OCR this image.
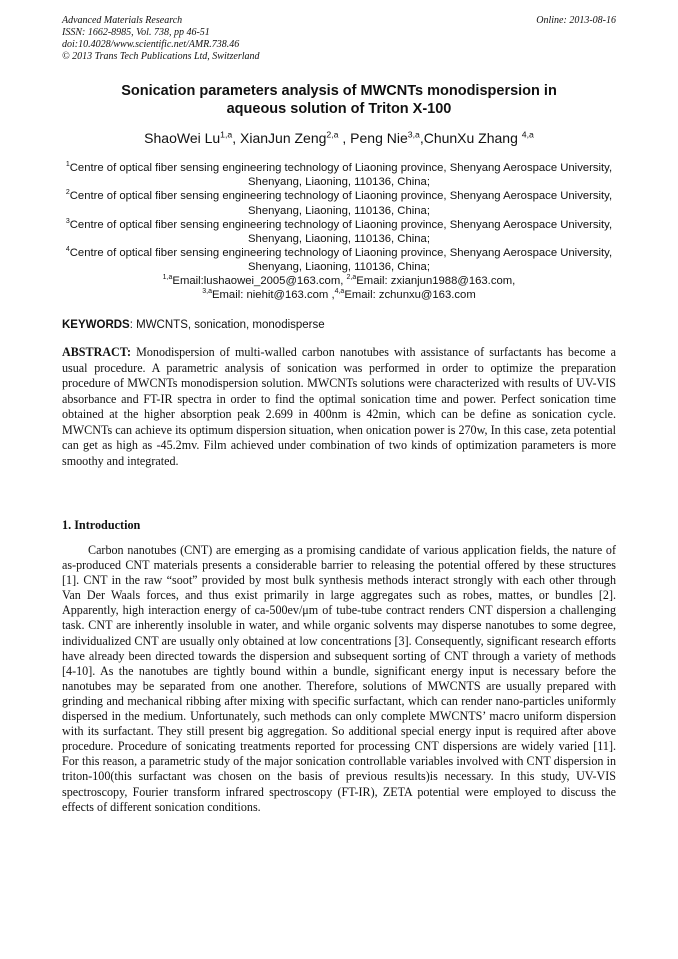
Advanced Materials Research
ISSN: 1662-8985, Vol. 738, pp 46-51
doi:10.4028/www.scientific.net/AMR.738.46
© 2013 Trans Tech Publications Ltd, Switzerland
Online: 2013-08-16
Sonication parameters analysis of MWCNTs monodispersion in
aqueous solution of Triton X-100
ShaoWei Lu$^{1,a}$, XianJun Zeng$^{2,a}$ , Peng Nie$^{3,a}$,ChunXu Zhang $^{4,a}$

$^1$Centre of optical fiber sensing engineering technology of Liaoning province, Shenyang Aerospace University, Shenyang, Liaoning, 110136, China;

$^2$Centre of optical fiber sensing engineering technology of Liaoning province, Shenyang Aerospace University, Shenyang, Liaoning, 110136, China;

$^3$Centre of optical fiber sensing engineering technology of Liaoning province, Shenyang Aerospace University, Shenyang, Liaoning, 110136, China;

$^4$Centre of optical fiber sensing engineering technology of Liaoning province, Shenyang Aerospace University, Shenyang, Liaoning, 110136, China;

$^{1,a}$Email:lushaowei_2005@163.com, $^{2,a}$Email: zxianjun1988@163.com,
$^{3,a}$Email: niehit@163.com ,$^{4,a}$Email: zchunxu@163.com
KEYWORDS: MWCNTS, sonication, monodisperse
ABSTRACT: Monodispersion of multi-walled carbon nanotubes with assistance of surfactants has become a usual procedure. A parametric analysis of sonication was performed in order to optimize the preparation procedure of MWCNTs monodispersion solution. MWCNTs solutions were characterized with results of UV-VIS absorbance and FT-IR spectra in order to find the optimal sonication time and power. Perfect sonication time obtained at the higher absorption peak 2.699 in 400nm is 42min, which can be define as sonication cycle. MWCNTs can achieve its optimum dispersion situation, when onication power is 270w, In this case, zeta potential can get as high as -45.2mv. Film achieved under combination of two kinds of optimization parameters is more smoothy and integrated.
1. Introduction
Carbon nanotubes (CNT) are emerging as a promising candidate of various application fields, the nature of as-produced CNT materials presents a considerable barrier to releasing the potential offered by these structures [1]. CNT in the raw “soot” provided by most bulk synthesis methods interact strongly with each other through Van Der Waals forces, and thus exist primarily in large aggregates such as robes, mattes, or bundles [2]. Apparently, high interaction energy of ca-500ev/μm of tube-tube contract renders CNT dispersion a challenging task. CNT are inherently insoluble in water, and while organic solvents may disperse nanotubes to some degree, individualized CNT are usually only obtained at low concentrations [3]. Consequently, significant research efforts have already been directed towards the dispersion and subsequent sorting of CNT through a variety of methods [4-10]. As the nanotubes are tightly bound within a bundle, significant energy input is necessary before the nanotubes may be separated from one another. Therefore, solutions of MWCNTS are usually prepared with grinding and mechanical ribbing after mixing with specific surfactant, which can render nano-particles uniformly dispersed in the medium. Unfortunately, such methods can only complete MWCNTS’ macro uniform dispersion with its surfactant. They still present big aggregation. So additional special energy input is required after above procedure. Procedure of sonicating treatments reported for processing CNT dispersions are widely varied [11]. For this reason, a parametric study of the major sonication controllable variables involved with CNT dispersion in triton-100(this surfactant was chosen on the basis of previous results)is necessary. In this study, UV-VIS spectroscopy, Fourier transform infrared spectroscopy (FT-IR), ZETA potential were employed to discuss the effects of different sonication conditions.
